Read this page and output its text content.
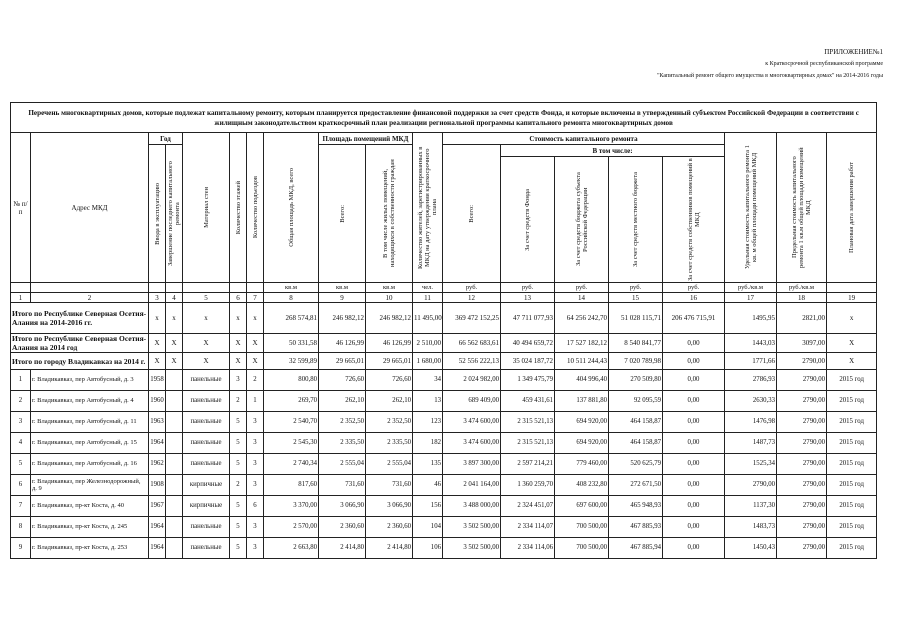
ПРИЛОЖЕНИЕ№1
к Краткосрочной республиканской программе
"Капитальный ремонт общего имущества в многоквартирных домах" на 2014-2016 годы
Перечень многоквартирных домов, которые подлежат капитальному ремонту, которым планируется предоставление финансовой поддержки за счет средств Фонда, и которые включены в утвержденный субъектом Российской Федерации в соответствии с жилищным законодательством краткосрочный план реализации региональной программы капитального ремонта многоквартирных домов																		
№ п/п	Адрес МКД	Год		Материал стен	Количество этажей	Количество подъездов	Общая площадь МКД, всего	Площадь помещений МКД		Количество жителей, зарегистрированных в МКД на дату утверждения краткосрочного плана	Стоимость капитального ремонта					Удельная стоимость капитального ремонта 1 кв. м общей площади помещений МКД	Предельная стоимость капитального ремонта 1 кв.м общей площади помещений МКД	Плановая дата завершения работ

		Ввода в эксплуатацию	Завершение последнего капитального ремонта					Всего:	В том числе жилых помещений, находящихся в собственности граждан		Всего:	В том числе:						

												За счет средств Фонда	За счет средств бюджета субъекта Российской Федерации	За счет средств местного бюджета	За счет средств собственников помещений в МКД			

							кв.м	кв.м	кв.м	чел.	руб.	руб.	руб.	руб.	руб.	руб./кв.м	руб./кв.м	
1	2	3	4	5	6	7	8	9	10	11	12	13	14	15	16	17	18	19
Итого по Республике Северная Осетия-Алания на 2014-2016 гг.		x	x	x	x	x	268 574,81	246 982,12	246 982,12	11 495,00	369 472 152,25	47 711 077,93	64 256 242,70	51 028 115,71	206 476 715,91	1495,95	2821,00	x
Итого по Республике Северная Осетия-Алания на 2014 год		X	X	X	X	X	50 331,58	46 126,99	46 126,99	2 510,00	66 562 683,61	40 494 659,72	17 527 182,12	8 540 841,77	0,00	1443,03	3097,00	X
Итого по городу Владикавказ на 2014 г.		X	X	X	X	X	32 599,89	29 665,01	29 665,01	1 680,00	52 556 222,13	35 024 187,72	10 511 244,43	7 020 789,98	0,00	1771,66	2790,00	X
1	г. Владикавказ, пер Автобусный, д. 3	1958		панельные	3	2	800,80	726,60	726,60	34	2 024 982,00	1 349 475,79	404 996,40	270 509,80	0,00	2786,93	2790,00	2015 год
2	г. Владикавказ, пер Автобусный, д. 4	1960		панельные	2	1	269,70	262,10	262,10	13	689 409,00	459 431,61	137 881,80	92 095,59	0,00	2630,33	2790,00	2015 год
3	г. Владикавказ, пер Автобусный, д. 11	1963		панельные	5	3	2 540,70	2 352,50	2 352,50	123	3 474 600,00	2 315 521,13	694 920,00	464 158,87	0,00	1476,98	2790,00	2015 год
4	г. Владикавказ, пер Автобусный, д. 15	1964		панельные	5	3	2 545,30	2 335,50	2 335,50	182	3 474 600,00	2 315 521,13	694 920,00	464 158,87	0,00	1487,73	2790,00	2015 год
5	г. Владикавказ, пер Автобусный, д. 16	1962		панельные	5	3	2 740,34	2 555,04	2 555,04	135	3 897 300,00	2 597 214,21	779 460,00	520 625,79	0,00	1525,34	2790,00	2015 год
6	г. Владикавказ, пер Железнодорожный, д. 9	1908		кирпичные	2	3	817,60	731,60	731,60	46	2 041 164,00	1 360 259,70	408 232,80	272 671,50	0,00	2790,00	2790,00	2015 год
7	г. Владикавказ, пр-кт Коста, д. 40	1967		кирпичные	5	6	3 370,00	3 066,90	3 066,90	156	3 488 000,00	2 324 451,07	697 600,00	465 948,93	0,00	1137,30	2790,00	2015 год
8	г. Владикавказ, пр-кт Коста, д. 245	1964		панельные	5	3	2 570,00	2 360,60	2 360,60	104	3 502 500,00	2 334 114,07	700 500,00	467 885,93	0,00	1483,73	2790,00	2015 год
9	г. Владикавказ, пр-кт Коста, д. 253	1964		панельные	5	3	2 663,80	2 414,80	2 414,80	106	3 502 500,00	2 334 114,06	700 500,00	467 885,94	0,00	1450,43	2790,00	2015 год
